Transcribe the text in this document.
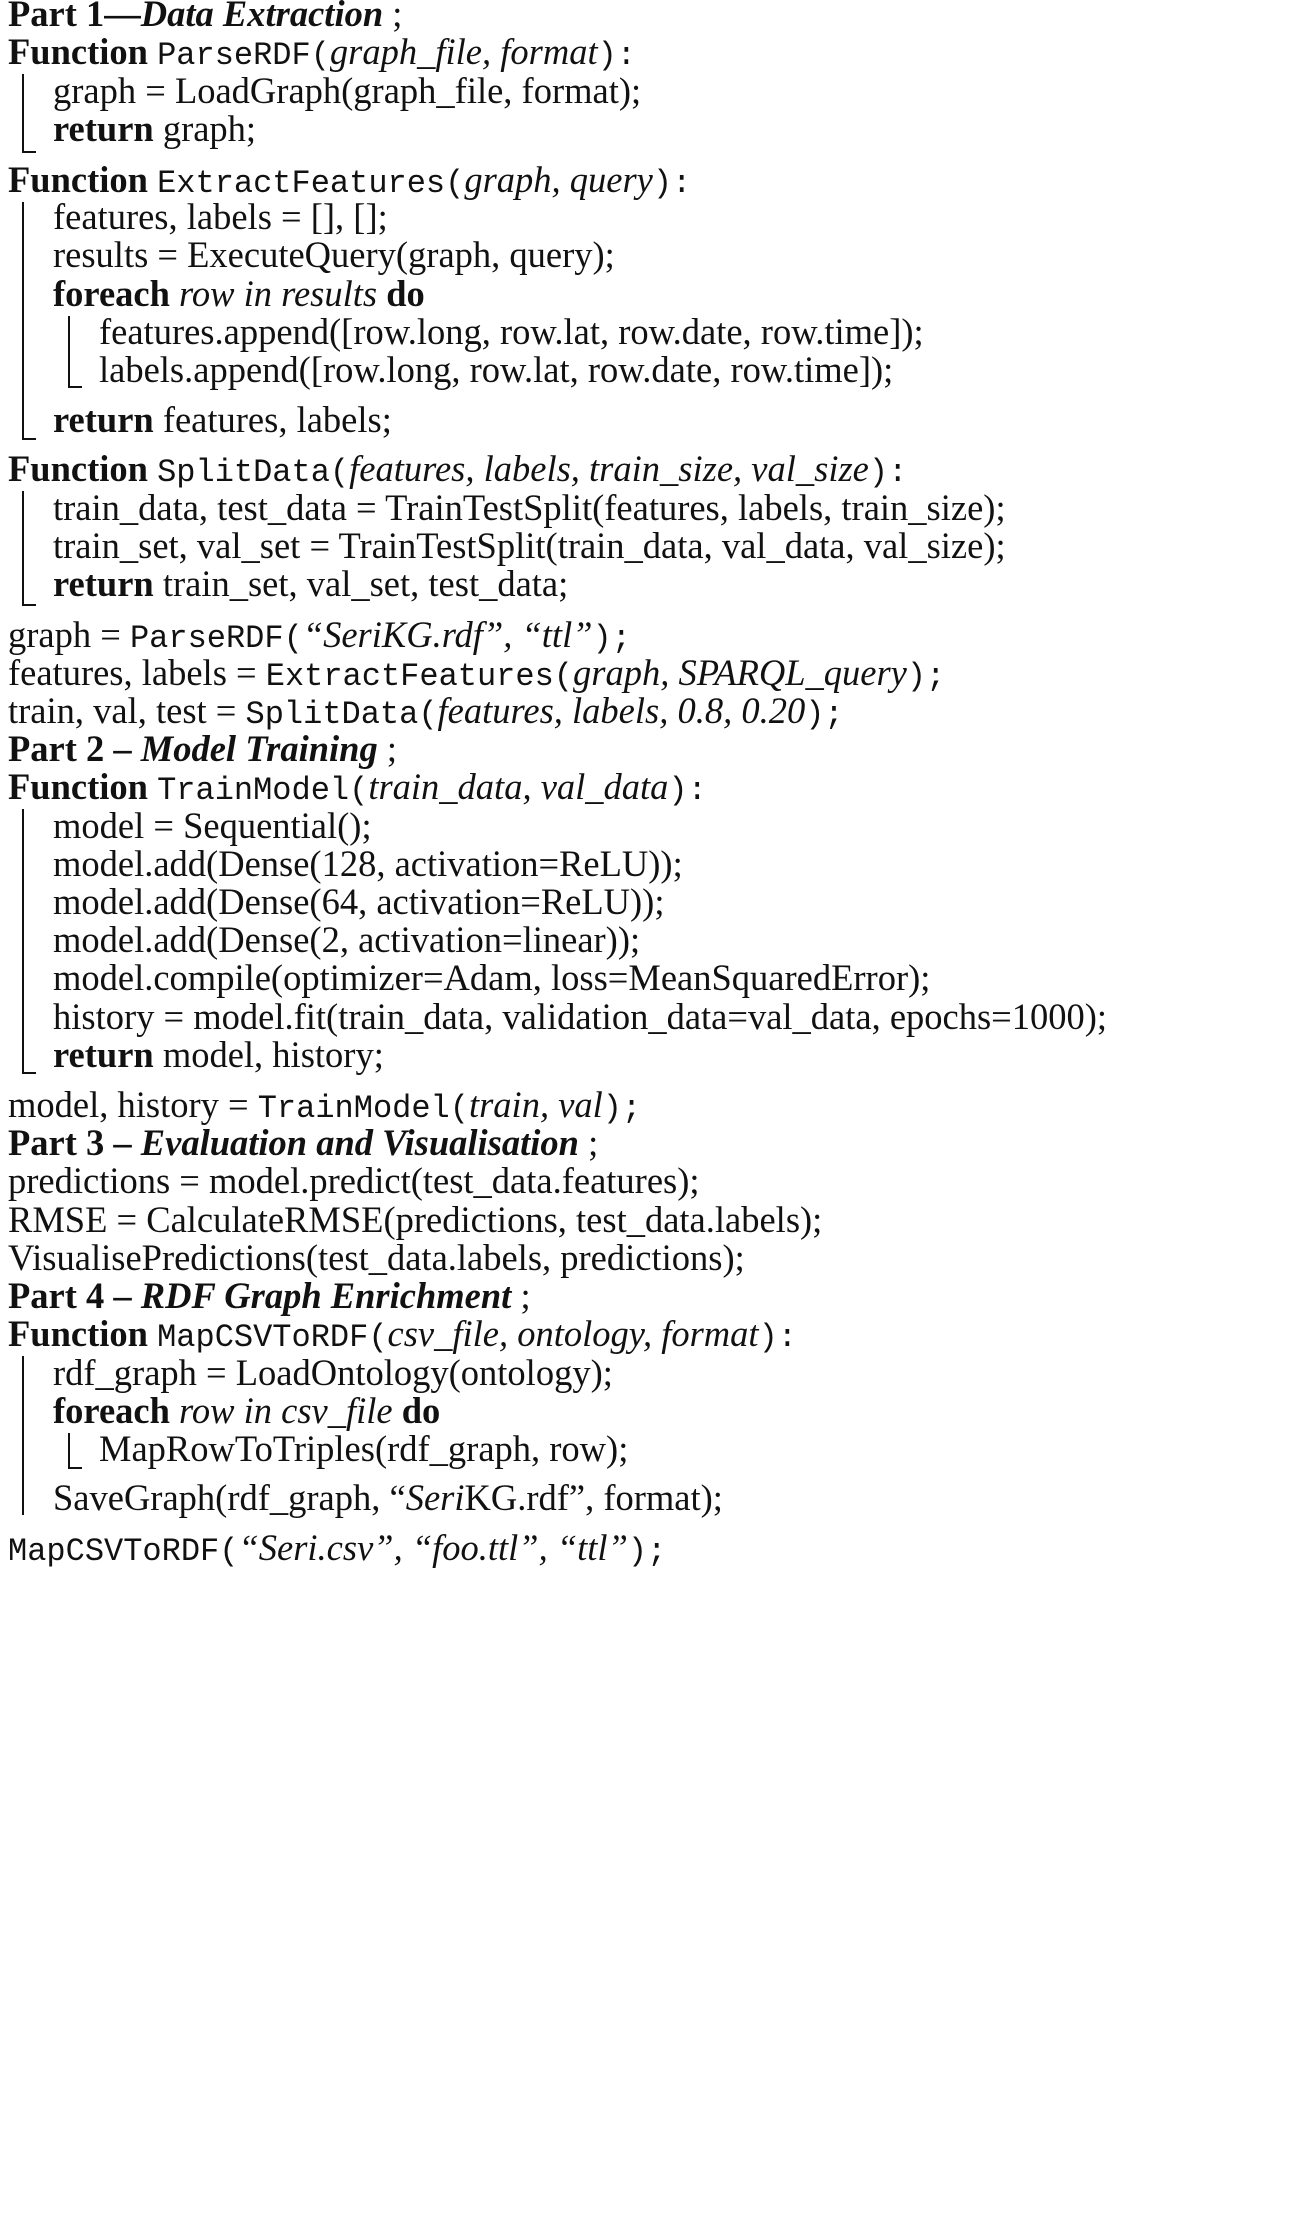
Part 1—Data Extraction ;
Function ParseRDF(graph_file, format):
graph = LoadGraph(graph_file, format);
return graph;
Function ExtractFeatures(graph, query):
features, labels = [], [];
results = ExecuteQuery(graph, query);
foreach row in results do
features.append([row.long, row.lat, row.date, row.time]);
labels.append([row.long, row.lat, row.date, row.time]);
return features, labels;
Function SplitData(features, labels, train_size, val_size):
train_data, test_data = TrainTestSplit(features, labels, train_size);
train_set, val_set = TrainTestSplit(train_data, val_data, val_size);
return train_set, val_set, test_data;
graph = ParseRDF(“SeriKG.rdf”, “ttl”);
features, labels = ExtractFeatures(graph, SPARQL_query);
train, val, test = SplitData(features, labels, 0.8, 0.20);
Part 2 – Model Training ;
Function TrainModel(train_data, val_data):
model = Sequential();
model.add(Dense(128, activation=ReLU));
model.add(Dense(64, activation=ReLU));
model.add(Dense(2, activation=linear));
model.compile(optimizer=Adam, loss=MeanSquaredError);
history = model.fit(train_data, validation_data=val_data, epochs=1000);
return model, history;
model, history = TrainModel(train, val);
Part 3 – Evaluation and Visualisation ;
predictions = model.predict(test_data.features);
RMSE = CalculateRMSE(predictions, test_data.labels);
VisualisePredictions(test_data.labels, predictions);
Part 4 – RDF Graph Enrichment ;
Function MapCSVToRDF(csv_file, ontology, format):
rdf_graph = LoadOntology(ontology);
foreach row in csv_file do
MapRowToTriples(rdf_graph, row);
SaveGraph(rdf_graph, “SeriKG.rdf”, format);
MapCSVToRDF(“Seri.csv”, “foo.ttl”, “ttl”);
